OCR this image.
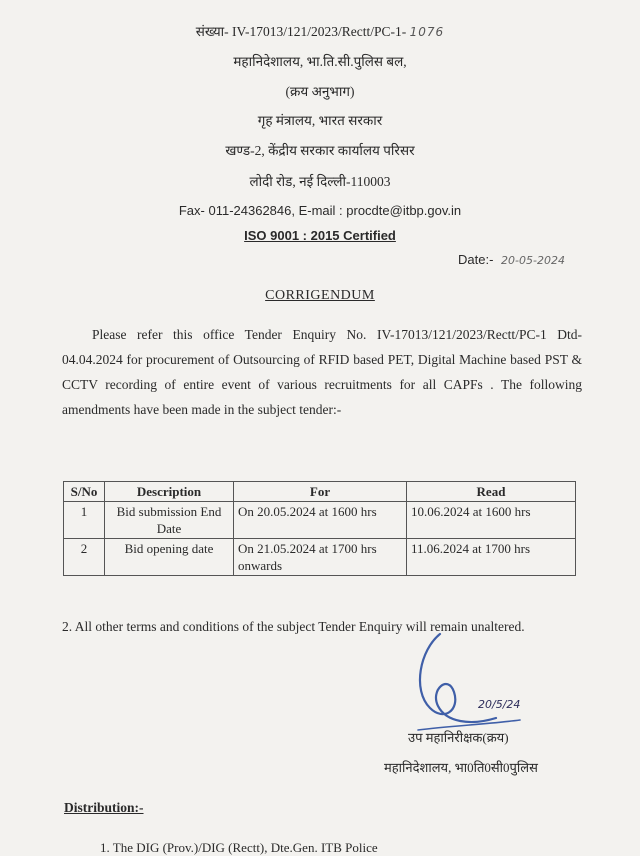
संख्या- IV-17013/121/2023/Rectt/PC-1- 1076
महानिदेशालय, भा.ति.सी.पुलिस बल,
(क्रय अनुभाग)
गृह मंत्रालय, भारत सरकार
खण्ड-2, केंद्रीय सरकार कार्यालय परिसर
लोदी रोड, नई दिल्ली-110003
Fax- 011-24362846, E-mail : procdte@itbp.gov.in
ISO 9001 : 2015 Certified
Date:- 20-05-2024
CORRIGENDUM
Please refer this office Tender Enquiry No. IV-17013/121/2023/Rectt/PC-1 Dtd-04.04.2024 for procurement of Outsourcing of RFID based PET, Digital Machine based PST & CCTV recording of entire event of various recruitments for all CAPFs . The following amendments have been made in the subject tender:-
S/No	Description	For	Read
1	Bid submission End Date	On 20.05.2024 at 1600 hrs	10.06.2024 at 1600 hrs
2	Bid opening date	On 21.05.2024 at 1700 hrs onwards	11.06.2024 at 1700 hrs
2. All other terms and conditions of the subject Tender Enquiry will remain unaltered.
20/5/24
उप महानिरीक्षक(क्रय)
महानिदेशालय, भा0ति0सी0पुलिस
Distribution:-
1. The DIG (Prov.)/DIG (Rectt), Dte.Gen. ITB Police
